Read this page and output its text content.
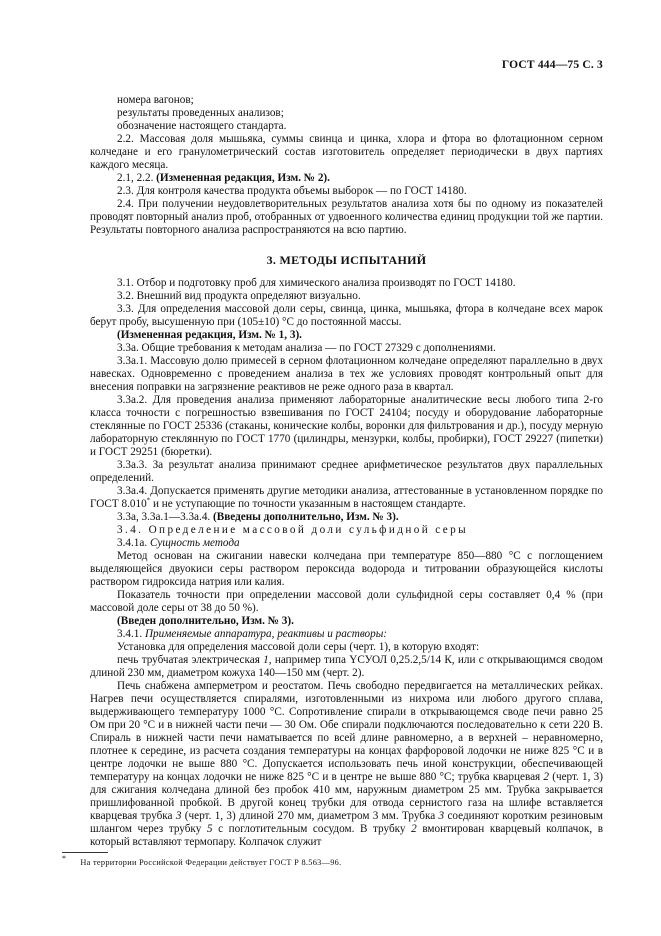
ГОСТ 444—75 С. 3

номера вагонов;

результаты проведенных анализов;

обозначение настоящего стандарта.

2.2. Массовая доля мышьяка, суммы свинца и цинка, хлора и фтора во флотационном серном колчедане и его гранулометрический состав изготовитель определяет периодически в двух партиях каждого месяца.

2.1, 2.2. (Измененная редакция, Изм. № 2).

2.3. Для контроля качества продукта объемы выборок — по ГОСТ 14180.

2.4. При получении неудовлетворительных результатов анализа хотя бы по одному из показателей проводят повторный анализ проб, отобранных от удвоенного количества единиц продукции той же партии. Результаты повторного анализа распространяются на всю партию.

3. МЕТОДЫ ИСПЫТАНИЙ

3.1. Отбор и подготовку проб для химического анализа производят по ГОСТ 14180.

3.2. Внешний вид продукта определяют визуально.

3.3. Для определения массовой доли серы, свинца, цинка, мышьяка, фтора в колчедане всех марок берут пробу, высушенную при (105±10) °С до постоянной массы.

(Измененная редакция, Изм. № 1, 3).

3.3а. Общие требования к методам анализа — по ГОСТ 27329 с дополнениями.

3.3а.1. Массовую долю примесей в серном флотационном колчедане определяют параллельно в двух навесках. Одновременно с проведением анализа в тех же условиях проводят контрольный опыт для внесения поправки на загрязнение реактивов не реже одного раза в квартал.

3.3а.2. Для проведения анализа применяют лабораторные аналитические весы любого типа 2-го класса точности с погрешностью взвешивания по ГОСТ 24104; посуду и оборудование лабораторные стеклянные по ГОСТ 25336 (стаканы, конические колбы, воронки для фильтрования и др.), посуду мерную лабораторную стеклянную по ГОСТ 1770 (цилиндры, мензурки, колбы, пробирки), ГОСТ 29227 (пипетки) и ГОСТ 29251 (бюретки).

3.3а.3. За результат анализа принимают среднее арифметическое результатов двух параллельных определений.

3.3а.4. Допускается применять другие методики анализа, аттестованные в установленном порядке по ГОСТ 8.010* и не уступающие по точности указанным в настоящем стандарте.

3.3а, 3.3а.1—3.3а.4. (Введены дополнительно, Изм. № 3).

3.4. Определение массовой доли сульфидной серы

3.4.1а. Сущность метода

Метод основан на сжигании навески колчедана при температуре 850—880 °С с поглощением выделяющейся двуокиси серы раствором пероксида водорода и титровании образующейся кислоты раствором гидроксида натрия или калия.

Показатель точности при определении массовой доли сульфидной серы составляет 0,4 % (при массовой доле серы от 38 до 50 %).

(Введен дополнительно, Изм. № 3).

3.4.1. Применяемые аппаратура, реактивы и растворы:

Установка для определения массовой доли серы (черт. 1), в которую входят:

печь трубчатая электрическая 1, например типа ҮСУОЛ 0,25.2,5/14 К, или с открывающимся сводом длиной 230 мм, диаметром кожуха 140—150 мм (черт. 2).

Печь снабжена амперметром и реостатом. Печь свободно передвигается на металлических рейках. Нагрев печи осуществляется спиралями, изготовленными из нихрома или любого другого сплава, выдерживающего температуру 1000 °С. Сопротивление спирали в открывающемся своде печи равно 25 Ом при 20 °С и в нижней части печи — 30 Ом. Обе спирали подключаются последовательно к сети 220 В. Спираль в нижней части печи наматывается по всей длине равномерно, а в верхней – неравномерно, плотнее к середине, из расчета создания температуры на концах фарфоровой лодочки не ниже 825 °С и в центре лодочки не выше 880 °С. Допускается использовать печь иной конструкции, обеспечивающей температуру на концах лодочки не ниже 825 °С и в центре не выше 880 °С; трубка кварцевая 2 (черт. 1, 3) для сжигания колчедана длиной без пробок 410 мм, наружным диаметром 25 мм. Трубка закрывается пришлифованной пробкой. В другой конец трубки для отвода сернистого газа на шлифе вставляется кварцевая трубка 3 (черт. 1, 3) длиной 270 мм, диаметром 3 мм. Трубка 3 соединяют коротким резиновым шлангом через трубку 5 с поглотительным сосудом. В трубку 2 вмонтирован кварцевый колпачок, в который вставляют термопару. Колпачок служит

* На территории Российской Федерации действует ГОСТ Р 8.563—96.
